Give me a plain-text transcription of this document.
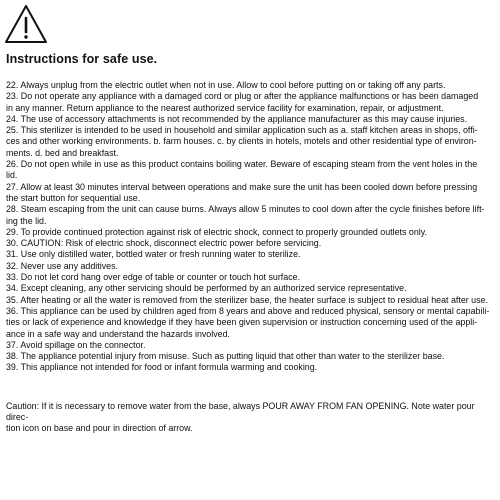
Instructions for safe use.

22. Always unplug from the electric outlet when not in use. Allow to cool before putting on or taking off any parts.

23. Do not operate any appliance with a damaged cord or plug or after the appliance malfunctions or has been damaged
in any manner. Return appliance to the nearest authorized service facility for examination, repair, or adjustment.

24. The use of accessory attachments is not recommended by the appliance manufacturer as this may cause injuries.

25. This sterilizer is intended to be used in household and similar application such as a. staff kitchen areas in shops, offi-
ces and other working environments. b. farm houses. c. by clients in hotels, motels and other residential type of environ-
ments. d. bed and breakfast.

26. Do not open while in use as this product contains boiling water. Beware of escaping steam from the vent holes in the
lid.

27. Allow at least 30 minutes interval between operations and make sure the unit has been cooled down before pressing
the start button for sequential use.

28. Steam escaping from the unit can cause burns. Always allow 5 minutes to cool down after the cycle finishes before lift-
ing the lid.

29. To provide continued protection against risk of electric shock, connect to properly grounded outlets only.

30. CAUTION: Risk of electric shock, disconnect electric power before servicing.

31. Use only distilled water, bottled water or fresh running water to sterilize.

32. Never use any additives.

33. Do not let cord hang over edge of table or counter or touch hot surface.

34. Except cleaning, any other servicing should be performed by an authorized service representative.

35. After heating or all the water is removed from the sterilizer base, the heater surface is subject to residual heat after use.

36. This appliance can be used by children aged from 8 years and above and reduced physical, sensory or mental capabili-
ties or lack of experience and knowledge if they have been given supervision or instruction concerning used of the appli-
ance in a safe way and understand the hazards involved.

37. Avoid spillage on the connector.

38. The appliance potential injury from misuse. Such as putting liquid that other than water to the sterilizer base.

39. This appliance not intended for food or infant formula warming and cooking.

Caution: If it is necessary to remove water from the base, always POUR AWAY FROM FAN OPENING. Note water pour direc-
tion icon on base and pour in direction of arrow.
